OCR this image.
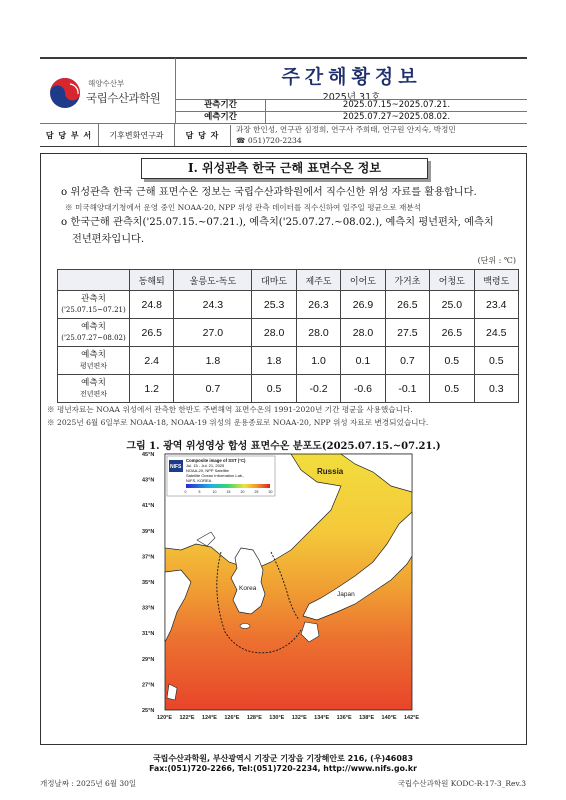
해양수산부
국립수산과학원
주간해황정보
2025년 31호
관측기간	2025.07.15~2025.07.21.
예측기간	2025.07.27~2025.08.02.
담 당 부 서	기후변화연구과	담 당 자
과장 한인성, 연구관 심정희, 연구사 주희태, 연구원 안지숙, 박정민
☎ 051)720-2234
I. 위성관측 한국 근해 표면수온 정보
o 위성관측 한국 근해 표면수온 정보는 국립수산과학원에서 직수신한 위성 자료를 활용합니다.
※ 미국해양대기청에서 운영 중인 NOAA-20, NPP 위성 관측 데이터를 직수신하여 일주일 평균으로 재분석
o 한국근해 관측치('25.07.15.~07.21.), 예측치('25.07.27.~08.02.), 예측치 평년편차, 예측치
전년편차입니다.
(단위 : ℃)
	동해퇴	울릉도-독도	대마도	제주도	이어도	가거초	어청도	백령도
관측치
('25.07.15~07.21)	24.8	24.3	25.3	26.3	26.9	26.5	25.0	23.4
예측치
('25.07.27~08.02)	26.5	27.0	28.0	28.0	28.0	27.5	26.5	24.5
예측치
평년편차	2.4	1.8	1.8	1.0	0.1	0.7	0.5	0.5
예측치
전년편차	1.2	0.7	0.5	-0.2	-0.6	-0.1	0.5	0.3
※ 평년자료는 NOAA 위성에서 관측한 한반도 주변해역 표면수온의 1991-2020년 기간 평균을 사용했습니다.
※ 2025년 6월 6일부로 NOAA-18, NOAA-19 위성의 운용종료로 NOAA-20, NPP 위성 자료로 변경되었습니다.
그림 1. 광역 위성영상 합성 표면수온 분포도(2025.07.15.~07.21.)
Russia
Korea
Japan
NIFS
Composite image of SST (°C)
Jul. 15 - Jul. 21, 2025
NOAA-20, NPP Satellite
Satellite Ocean Information Lab.,
NIFS, KOREA
0	5	10	15	20	25	30
45°N
43°N
41°N
39°N
37°N
35°N
33°N
31°N
29°N
27°N
25°N
120°E 122°E 124°E 126°E 128°E 130°E 132°E 134°E 136°E 138°E 140°E 142°E
국립수산과학원, 부산광역시 기장군 기장읍 기장해안로 216, (우)46083
Fax:(051)720-2266, Tel:(051)720-2234, http://www.nifs.go.kr
개정날짜 : 2025년 6월 30일	국립수산과학원 KODC-R-17-3_Rev.3
